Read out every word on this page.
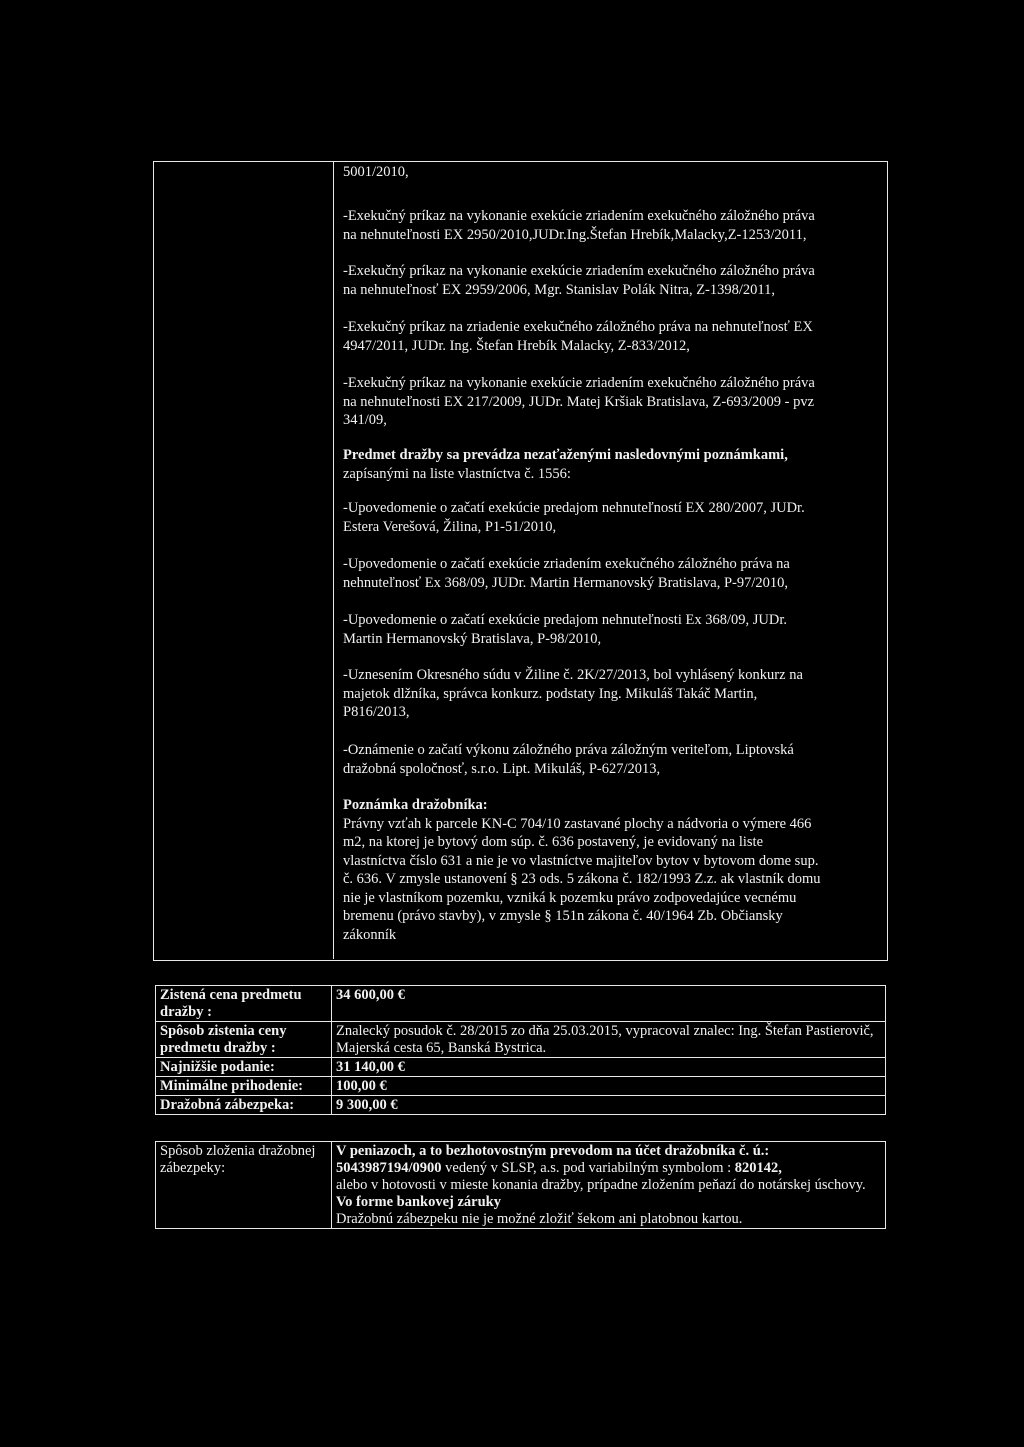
5001/2010,
-Exekučný príkaz na vykonanie exekúcie zriadením exekučného záložného práva
na nehnuteľnosti EX 2950/2010,JUDr.Ing.Štefan Hrebík,Malacky,Z-1253/2011,
-Exekučný príkaz na vykonanie exekúcie zriadením exekučného záložného práva
na nehnuteľnosť EX 2959/2006, Mgr. Stanislav Polák Nitra, Z-1398/2011,
-Exekučný príkaz na zriadenie exekučného záložného práva na nehnuteľnosť EX
4947/2011, JUDr. Ing. Štefan Hrebík Malacky, Z-833/2012,
-Exekučný príkaz na vykonanie exekúcie zriadením exekučného záložného práva
na nehnuteľnosti EX 217/2009, JUDr. Matej Kršiak Bratislava, Z-693/2009 - pvz
341/09,
Predmet dražby sa prevádza nezaťaženými nasledovnými poznámkami,
zapísanými na liste vlastníctva č. 1556:
-Upovedomenie o začatí exekúcie predajom nehnuteľností EX 280/2007, JUDr.
Estera Verešová, Žilina, P1-51/2010,
-Upovedomenie o začatí exekúcie zriadením exekučného záložného práva na
nehnuteľnosť Ex 368/09, JUDr. Martin Hermanovský Bratislava, P-97/2010,
-Upovedomenie o začatí exekúcie predajom nehnuteľnosti Ex 368/09, JUDr.
Martin Hermanovský Bratislava, P-98/2010,
-Uznesením Okresného súdu v Žiline č. 2K/27/2013, bol vyhlásený konkurz na
majetok dlžníka, správca konkurz. podstaty Ing. Mikuláš Takáč Martin,
P816/2013,
-Oznámenie o začatí výkonu záložného práva záložným veriteľom, Liptovská
dražobná spoločnosť, s.r.o. Lipt. Mikuláš, P-627/2013,
Poznámka dražobníka:
Právny vzťah k parcele KN-C 704/10 zastavané plochy a nádvoria o výmere 466
m2, na ktorej je bytový dom súp. č. 636 postavený, je evidovaný na liste
vlastníctva číslo 631 a nie je vo vlastníctve majiteľov bytov v bytovom dome sup.
č. 636. V zmysle ustanovení § 23 ods. 5 zákona č. 182/1993 Z.z. ak vlastník domu
nie je vlastníkom pozemku, vzniká k pozemku právo zodpovedajúce vecnému
bremenu (právo stavby), v zmysle § 151n zákona č. 40/1964 Zb. Občiansky
zákonník
Zistená cena predmetu dražby :	34 600,00 €
Spôsob zistenia ceny predmetu dražby :	Znalecký posudok č. 28/2015 zo dňa 25.03.2015, vypracoval znalec: Ing. Štefan Pastierovič, Majerská cesta 65, Banská Bystrica.
Najnižšie podanie:	31 140,00 €
Minimálne prihodenie:	100,00 €
Dražobná zábezpeka:	9 300,00 €
Spôsob zloženia dražobnej zábezpeky:	
V peniazoch, a to bezhotovostným prevodom na účet dražobníka č. ú.:
5043987194/0900 vedený v SLSP, a.s. pod variabilným symbolom : 820142,
alebo v hotovosti v mieste konania dražby, prípadne zložením peňazí do notárskej úschovy.
Vo forme bankovej záruky
Dražobnú zábezpeku nie je možné zložiť šekom ani platobnou kartou.
